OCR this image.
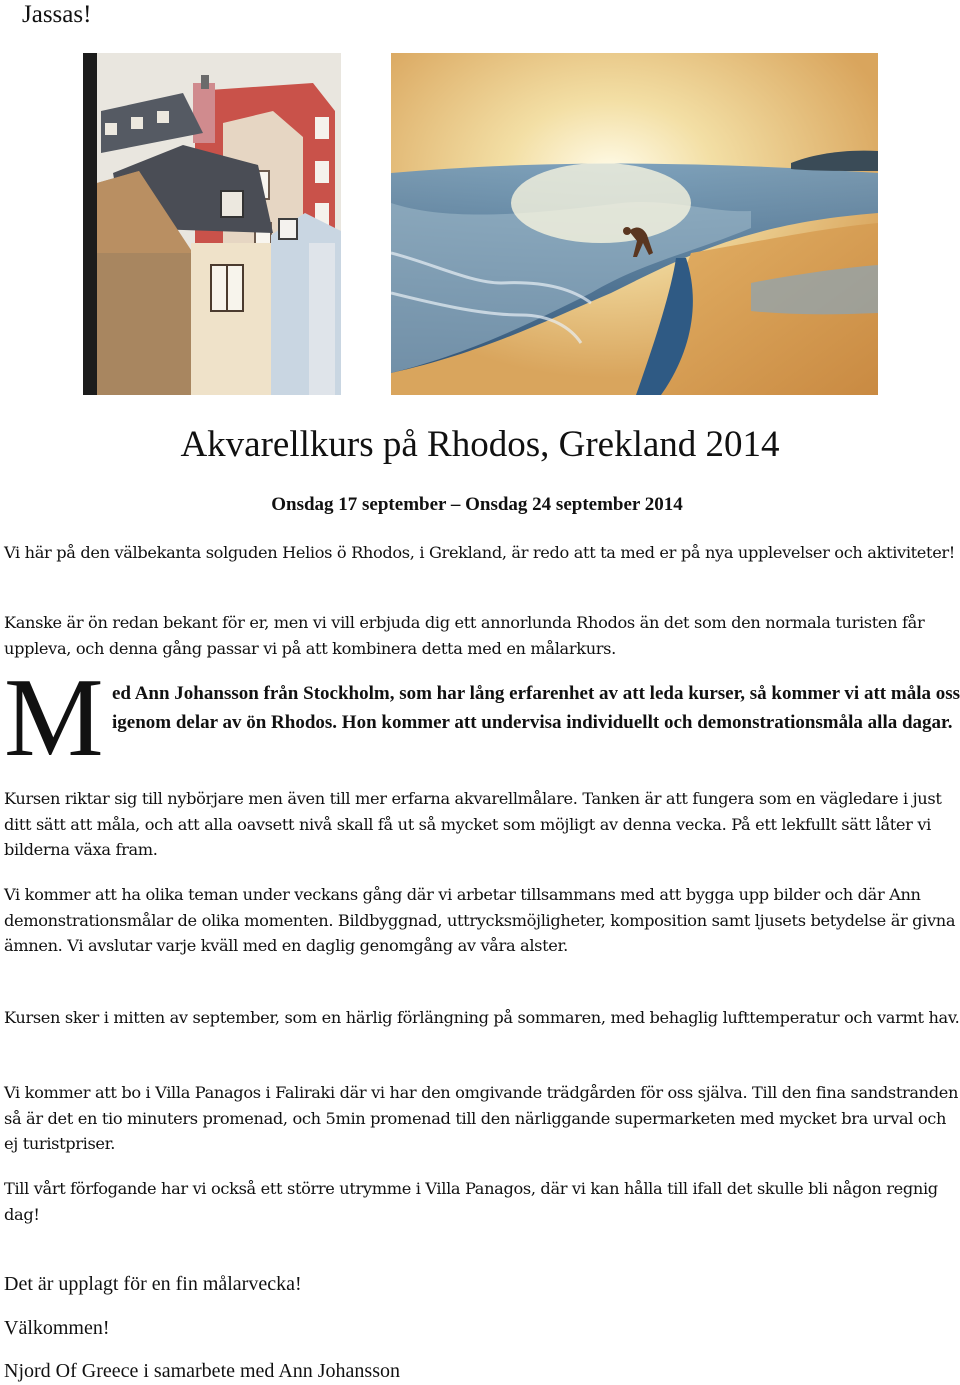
Jassas!
Akvarellkurs på Rhodos, Grekland 2014
Onsdag 17 september – Onsdag 24 september 2014

Vi här på den välbekanta solguden Helios ö Rhodos, i Grekland, är redo att ta med er på nya upplevelser och aktiviteter!

Kanske är ön redan bekant för er, men vi vill erbjuda dig ett annorlunda Rhodos än det som den normala turisten får uppleva, och denna gång passar vi på att kombinera detta med en målarkurs.

M ed Ann Johansson från Stockholm, som har lång erfarenhet av att leda kurser, så kommer vi att måla oss igenom delar av ön Rhodos. Hon kommer att undervisa individuellt och demonstrationsmåla alla dagar.

Kursen riktar sig till nybörjare men även till mer erfarna akvarellmålare. Tanken är att fungera som en vägledare i just ditt sätt att måla, och att alla oavsett nivå skall få ut så mycket som möjligt av denna vecka. På ett lekfullt sätt låter vi bilderna växa fram.

Vi kommer att ha olika teman under veckans gång där vi arbetar tillsammans med att bygga upp bilder och där Ann demonstrationsmålar de olika momenten. Bildbyggnad, uttrycksmöjligheter, komposition samt ljusets betydelse är givna ämnen. Vi avslutar varje kväll med en daglig genomgång av våra alster.

Kursen sker i mitten av september, som en härlig förlängning på sommaren, med behaglig lufttemperatur och varmt hav.

Vi kommer att bo i Villa Panagos i Faliraki där vi har den omgivande trädgården för oss själva. Till den fina sandstranden så är det en tio minuters promenad, och 5min promenad till den närliggande supermarketen med mycket bra urval och ej turistpriser.

Till vårt förfogande har vi också ett större utrymme i Villa Panagos, där vi kan hålla till ifall det skulle bli någon regnig dag!

Det är upplagt för en fin målarvecka!
Välkommen!
Njord Of Greece i samarbete med Ann Johansson
